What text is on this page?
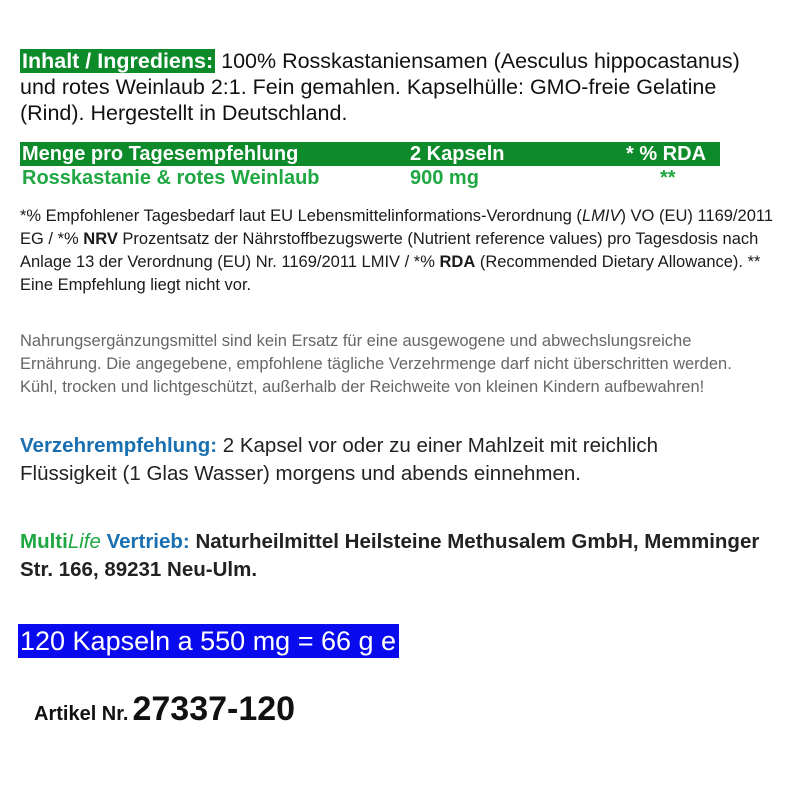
Inhalt / Ingrediens: 100% Rosskastaniensamen (Aesculus hippocastanus) und rotes Weinlaub 2:1. Fein gemahlen. Kapselhülle: GMO-freie Gelatine (Rind). Hergestellt in Deutschland.
Menge pro Tagesempfehlung	2 Kapseln	* % RDA
Rosskastanie & rotes Weinlaub	900 mg	**
*% Empfohlener Tagesbedarf laut EU Lebensmittelinformations-Verordnung (LMIV) VO (EU) 1169/2011 EG / *% NRV Prozentsatz der Nährstoffbezugswerte (Nutrient reference values) pro Tagesdosis nach Anlage 13 der Verordnung (EU) Nr. 1169/2011 LMIV / *% RDA (Recommended Dietary Allowance). ** Eine Empfehlung liegt nicht vor.
Nahrungsergänzungsmittel sind kein Ersatz für eine ausgewogene und abwechslungsreiche Ernährung. Die angegebene, empfohlene tägliche Verzehrmenge darf nicht überschritten werden. Kühl, trocken und lichtgeschützt, außerhalb der Reichweite von kleinen Kindern aufbewahren!
Verzehrempfehlung: 2 Kapsel vor oder zu einer Mahlzeit mit reichlich Flüssigkeit (1 Glas Wasser) morgens und abends einnehmen.
MultiLife Vertrieb: Naturheilmittel Heilsteine Methusalem GmbH, Memminger Str. 166, 89231 Neu-Ulm.
120 Kapseln a 550 mg = 66 g e
Artikel Nr. 27337-120
